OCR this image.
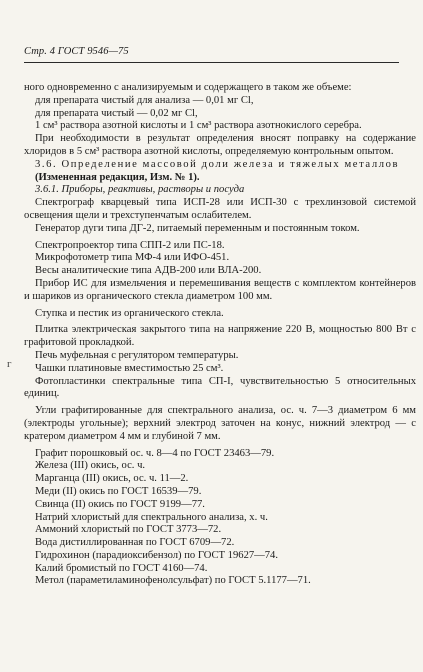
Стр. 4 ГОСТ 9546—75
ᴦ

ного одновременно с анализируемым и содержащего в таком же объеме:

для препарата чистый для анализа — 0,01 мг Cl,

для препарата чистый — 0,02 мг Cl,

1 см³ раствора азотной кислоты и 1 см³ раствора азотнокислого серебра.

При необходимости в результат определения вносят поправку на содержание хлоридов в 5 см³ раствора азотной кислоты, определяемую контрольным опытом.

3.6. Определение массовой доли железа и тяжелых металлов

(Измененная редакция, Изм. № 1).

3.6.1. Приборы, реактивы, растворы и посуда

Спектрограф кварцевый типа ИСП-28 или ИСП-30 с трехлинзовой системой освещения щели и трехступенчатым ослабителем.

Генератор дуги типа ДГ-2, питаемый переменным и постоянным током.

Спектропроектор типа СПП-2 или ПС-18.

Микрофотометр типа МФ-4 или ИФО-451.

Весы аналитические типа АДВ-200 или ВЛА-200.

Прибор ИС для измельчения и перемешивания веществ с комплектом контейнеров и шариков из органического стекла диаметром 100 мм.

Ступка и пестик из органического стекла.

Плитка электрическая закрытого типа на напряжение 220 В, мощностью 800 Вт с графитовой прокладкой.

Печь муфельная с регулятором температуры.

Чашки платиновые вместимостью 25 см³.

Фотопластинки спектральные типа СП-I, чувствительностью 5 относительных единиц.

Угли графитированные для спектрального анализа, ос. ч. 7—3 диаметром 6 мм (электроды угольные); верхний электрод заточен на конус, нижний электрод — с кратером диаметром 4 мм и глубиной 7 мм.

Графит порошковый ос. ч. 8—4 по ГОСТ 23463—79.

Железа (III) окись, ос. ч.

Марганца (III) окись, ос. ч. 11—2.

Меди (II) окись по ГОСТ 16539—79.

Свинца (II) окись по ГОСТ 9199—77.

Натрий хлористый для спектрального анализа, х. ч.

Аммоний хлористый по ГОСТ 3773—72.

Вода дистиллированная по ГОСТ 6709—72.

Гидрохинон (парадиоксибензол) по ГОСТ 19627—74.

Калий бромистый по ГОСТ 4160—74.

Метол (параметиламинофенолсульфат) по ГОСТ 5.1177—71.
